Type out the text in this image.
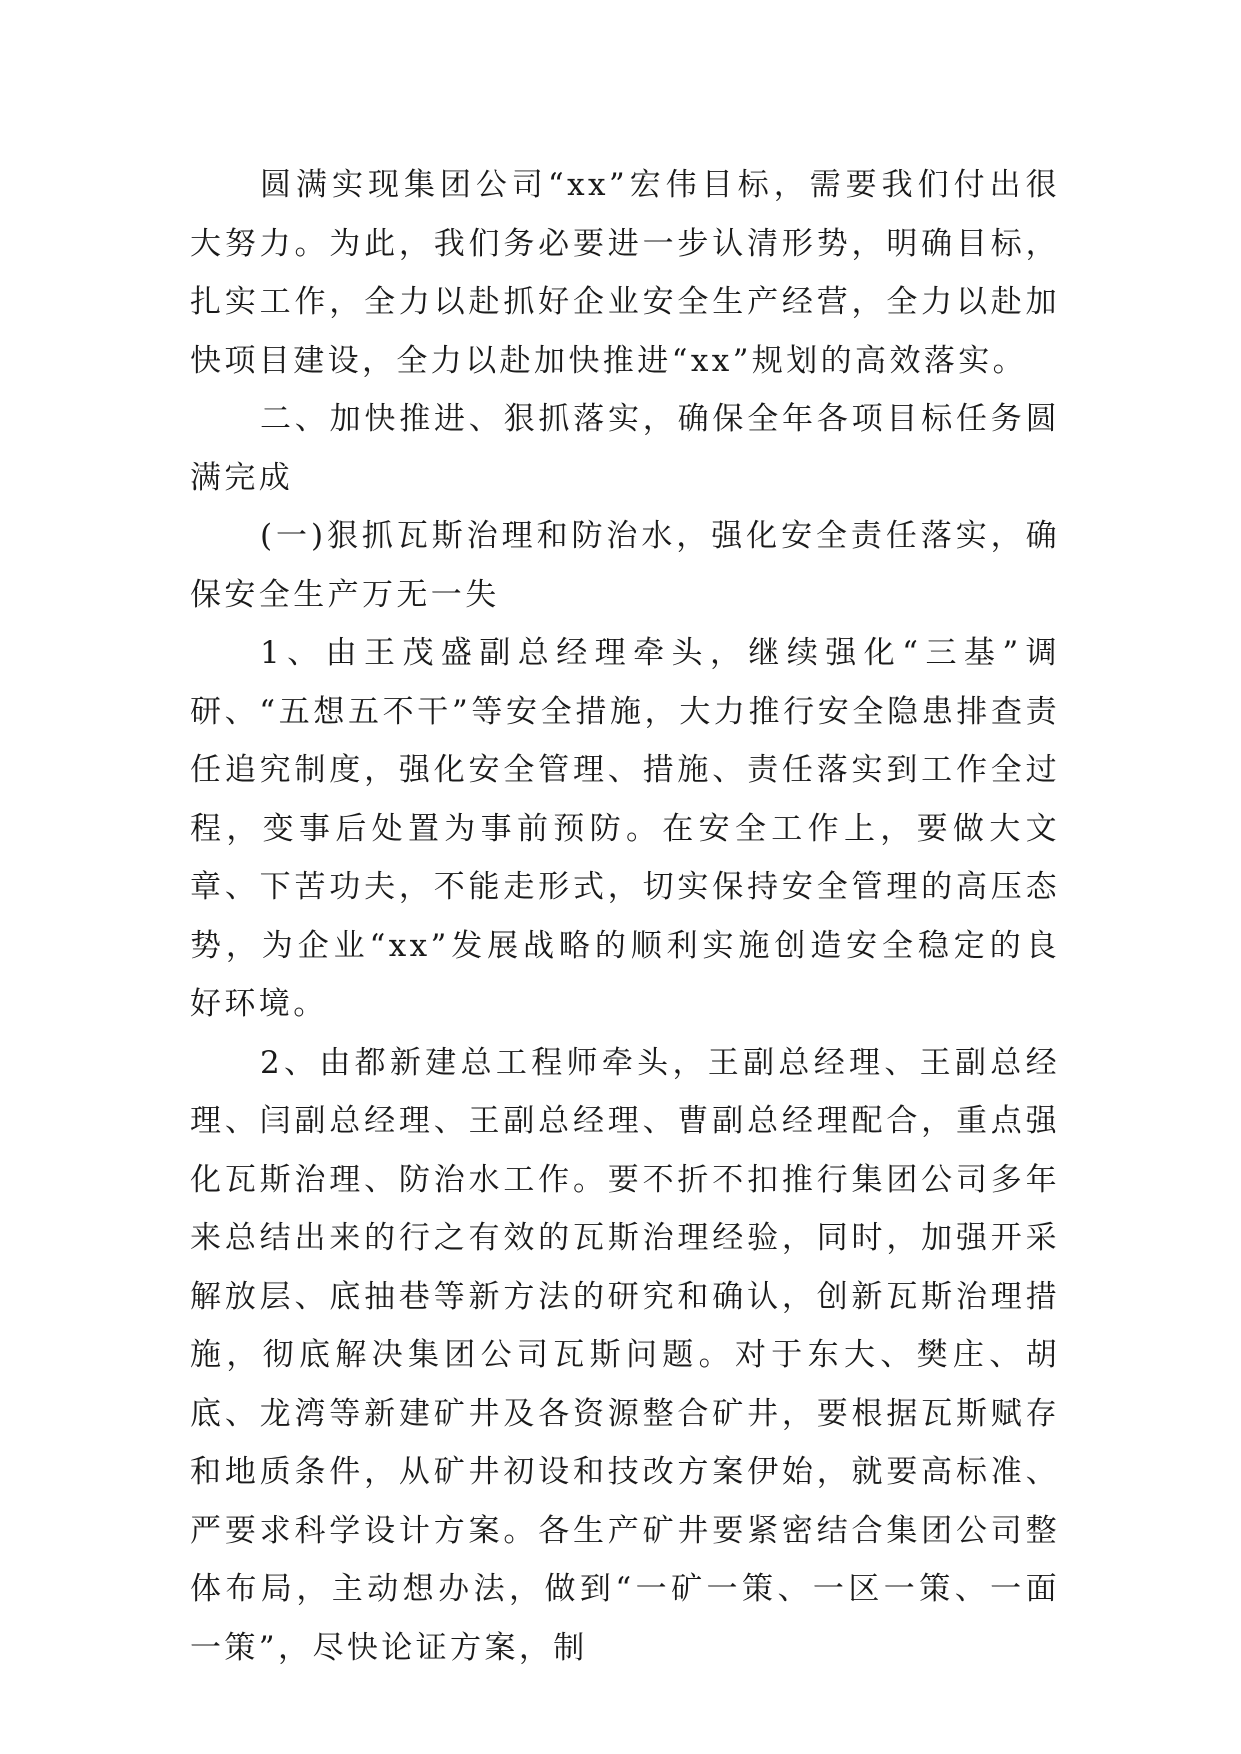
圆满实现集团公司“xx”宏伟目标，需要我们付出很大努力。为此，我们务必要进一步认清形势，明确目标，扎实工作，全力以赴抓好企业安全生产经营，全力以赴加快项目建设，全力以赴加快推进“xx”规划的高效落实。

二、加快推进、狠抓落实，确保全年各项目标任务圆满完成

(一)狠抓瓦斯治理和防治水，强化安全责任落实，确保安全生产万无一失

1、由王茂盛副总经理牵头，继续强化“三基”调研、“五想五不干”等安全措施，大力推行安全隐患排查责任追究制度，强化安全管理、措施、责任落实到工作全过程，变事后处置为事前预防。在安全工作上，要做大文章、下苦功夫，不能走形式，切实保持安全管理的高压态势，为企业“xx”发展战略的顺利实施创造安全稳定的良好环境。

2、由都新建总工程师牵头，王副总经理、王副总经理、闫副总经理、王副总经理、曹副总经理配合，重点强化瓦斯治理、防治水工作。要不折不扣推行集团公司多年来总结出来的行之有效的瓦斯治理经验，同时，加强开采解放层、底抽巷等新方法的研究和确认，创新瓦斯治理措施，彻底解决集团公司瓦斯问题。对于东大、樊庄、胡底、龙湾等新建矿井及各资源整合矿井，要根据瓦斯赋存和地质条件，从矿井初设和技改方案伊始，就要高标准、严要求科学设计方案。各生产矿井要紧密结合集团公司整体布局，主动想办法，做到“一矿一策、一区一策、一面一策”，尽快论证方案，制
